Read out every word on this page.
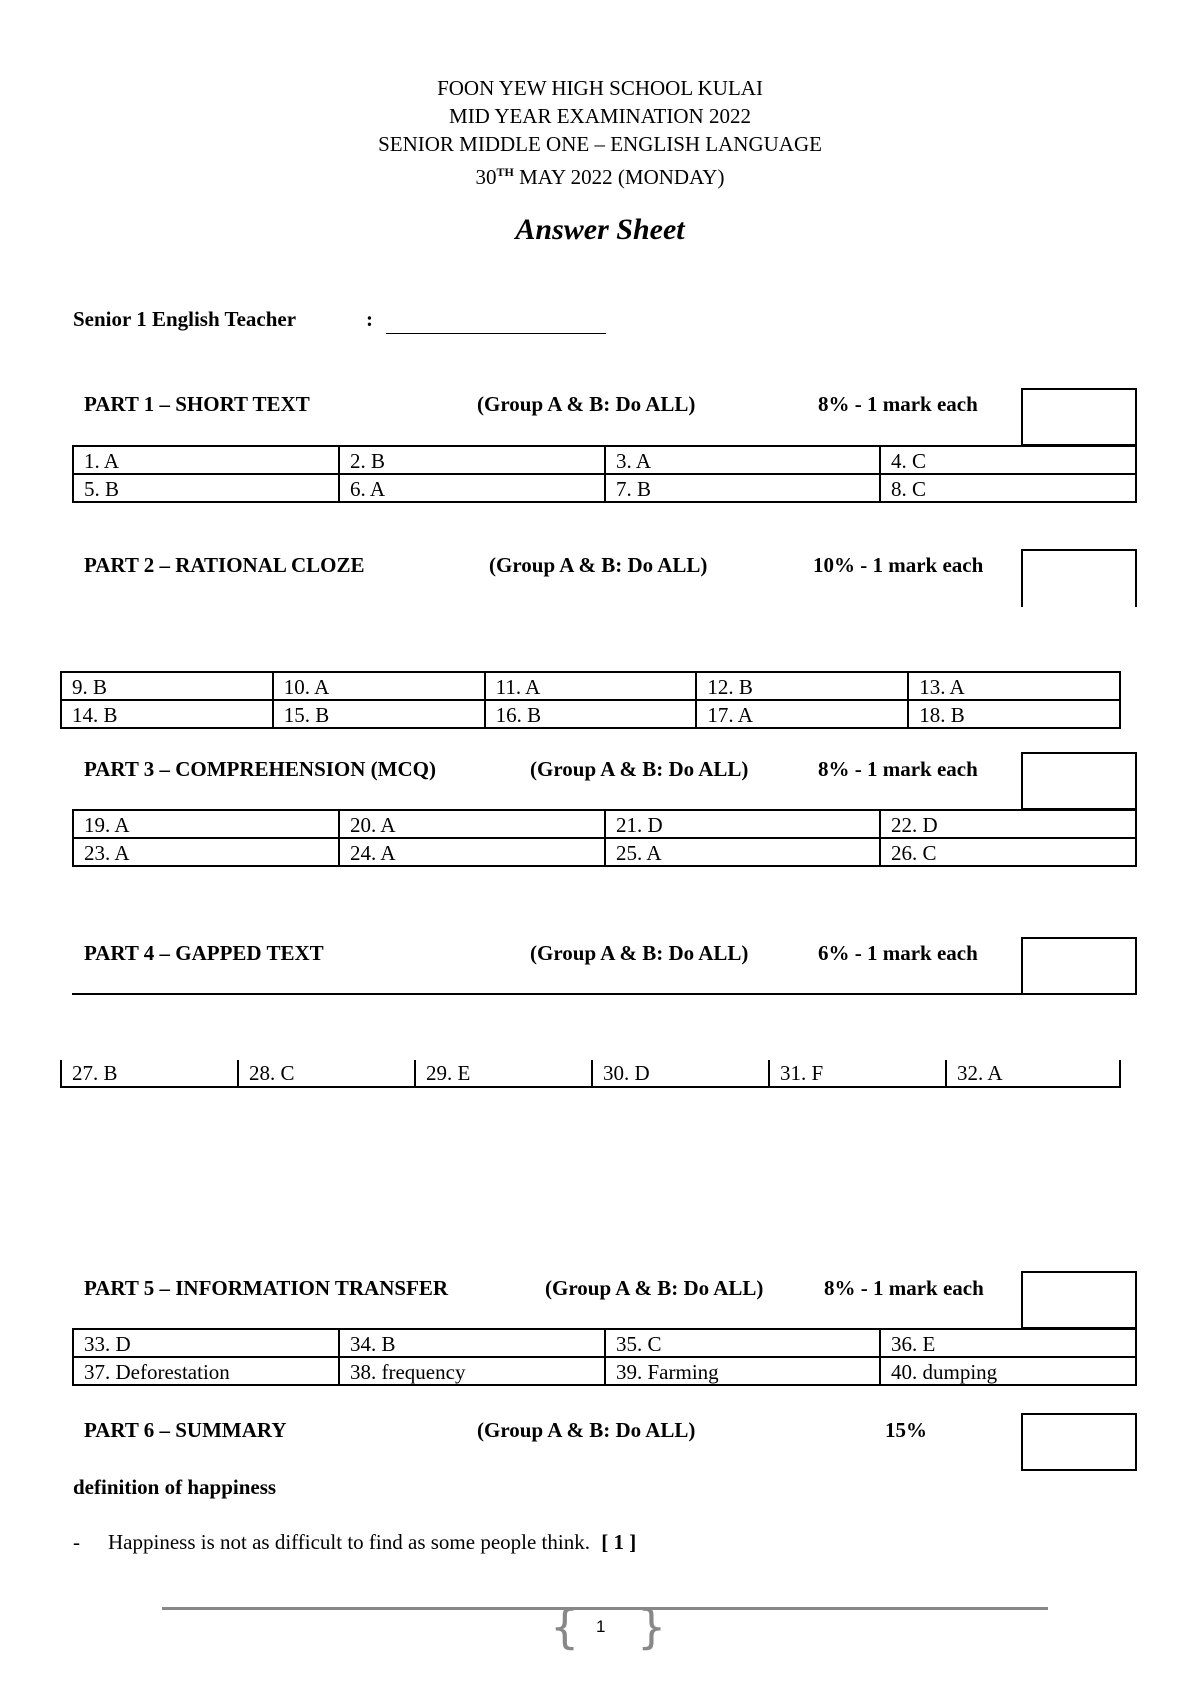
FOON YEW HIGH SCHOOL KULAI
MID YEAR EXAMINATION 2022
SENIOR MIDDLE ONE – ENGLISH LANGUAGE
30TH MAY 2022 (MONDAY)
Answer Sheet
Senior 1 English Teacher	:
PART 1 – SHORT TEXT	(Group A & B: Do ALL)	8% - 1 mark each
1. A	2. B	3. A	4. C
5. B	6. A	7. B	8. C
PART 2 – RATIONAL CLOZE	(Group A & B: Do ALL)	10% - 1 mark each
9. B	10. A	11. A	12. B	13. A
14. B	15. B	16. B	17. A	18. B
PART 3 – COMPREHENSION (MCQ)	(Group A & B: Do ALL)	8% - 1 mark each
19. A	20. A	21. D	22. D
23. A	24. A	25. A	26. C
PART 4 – GAPPED TEXT	(Group A & B: Do ALL)	6% - 1 mark each
27. B	28. C	29. E	30. D	31. F	32. A
PART 5 – INFORMATION TRANSFER	(Group A & B: Do ALL)	8% - 1 mark each
33. D	34. B	35. C	36. E
37. Deforestation	38. frequency	39. Farming	40. dumping
PART 6 – SUMMARY	(Group A & B: Do ALL)	15%
definition of happiness
- Happiness is not as difficult to find as some people think. [ 1 ]
{ }
1
